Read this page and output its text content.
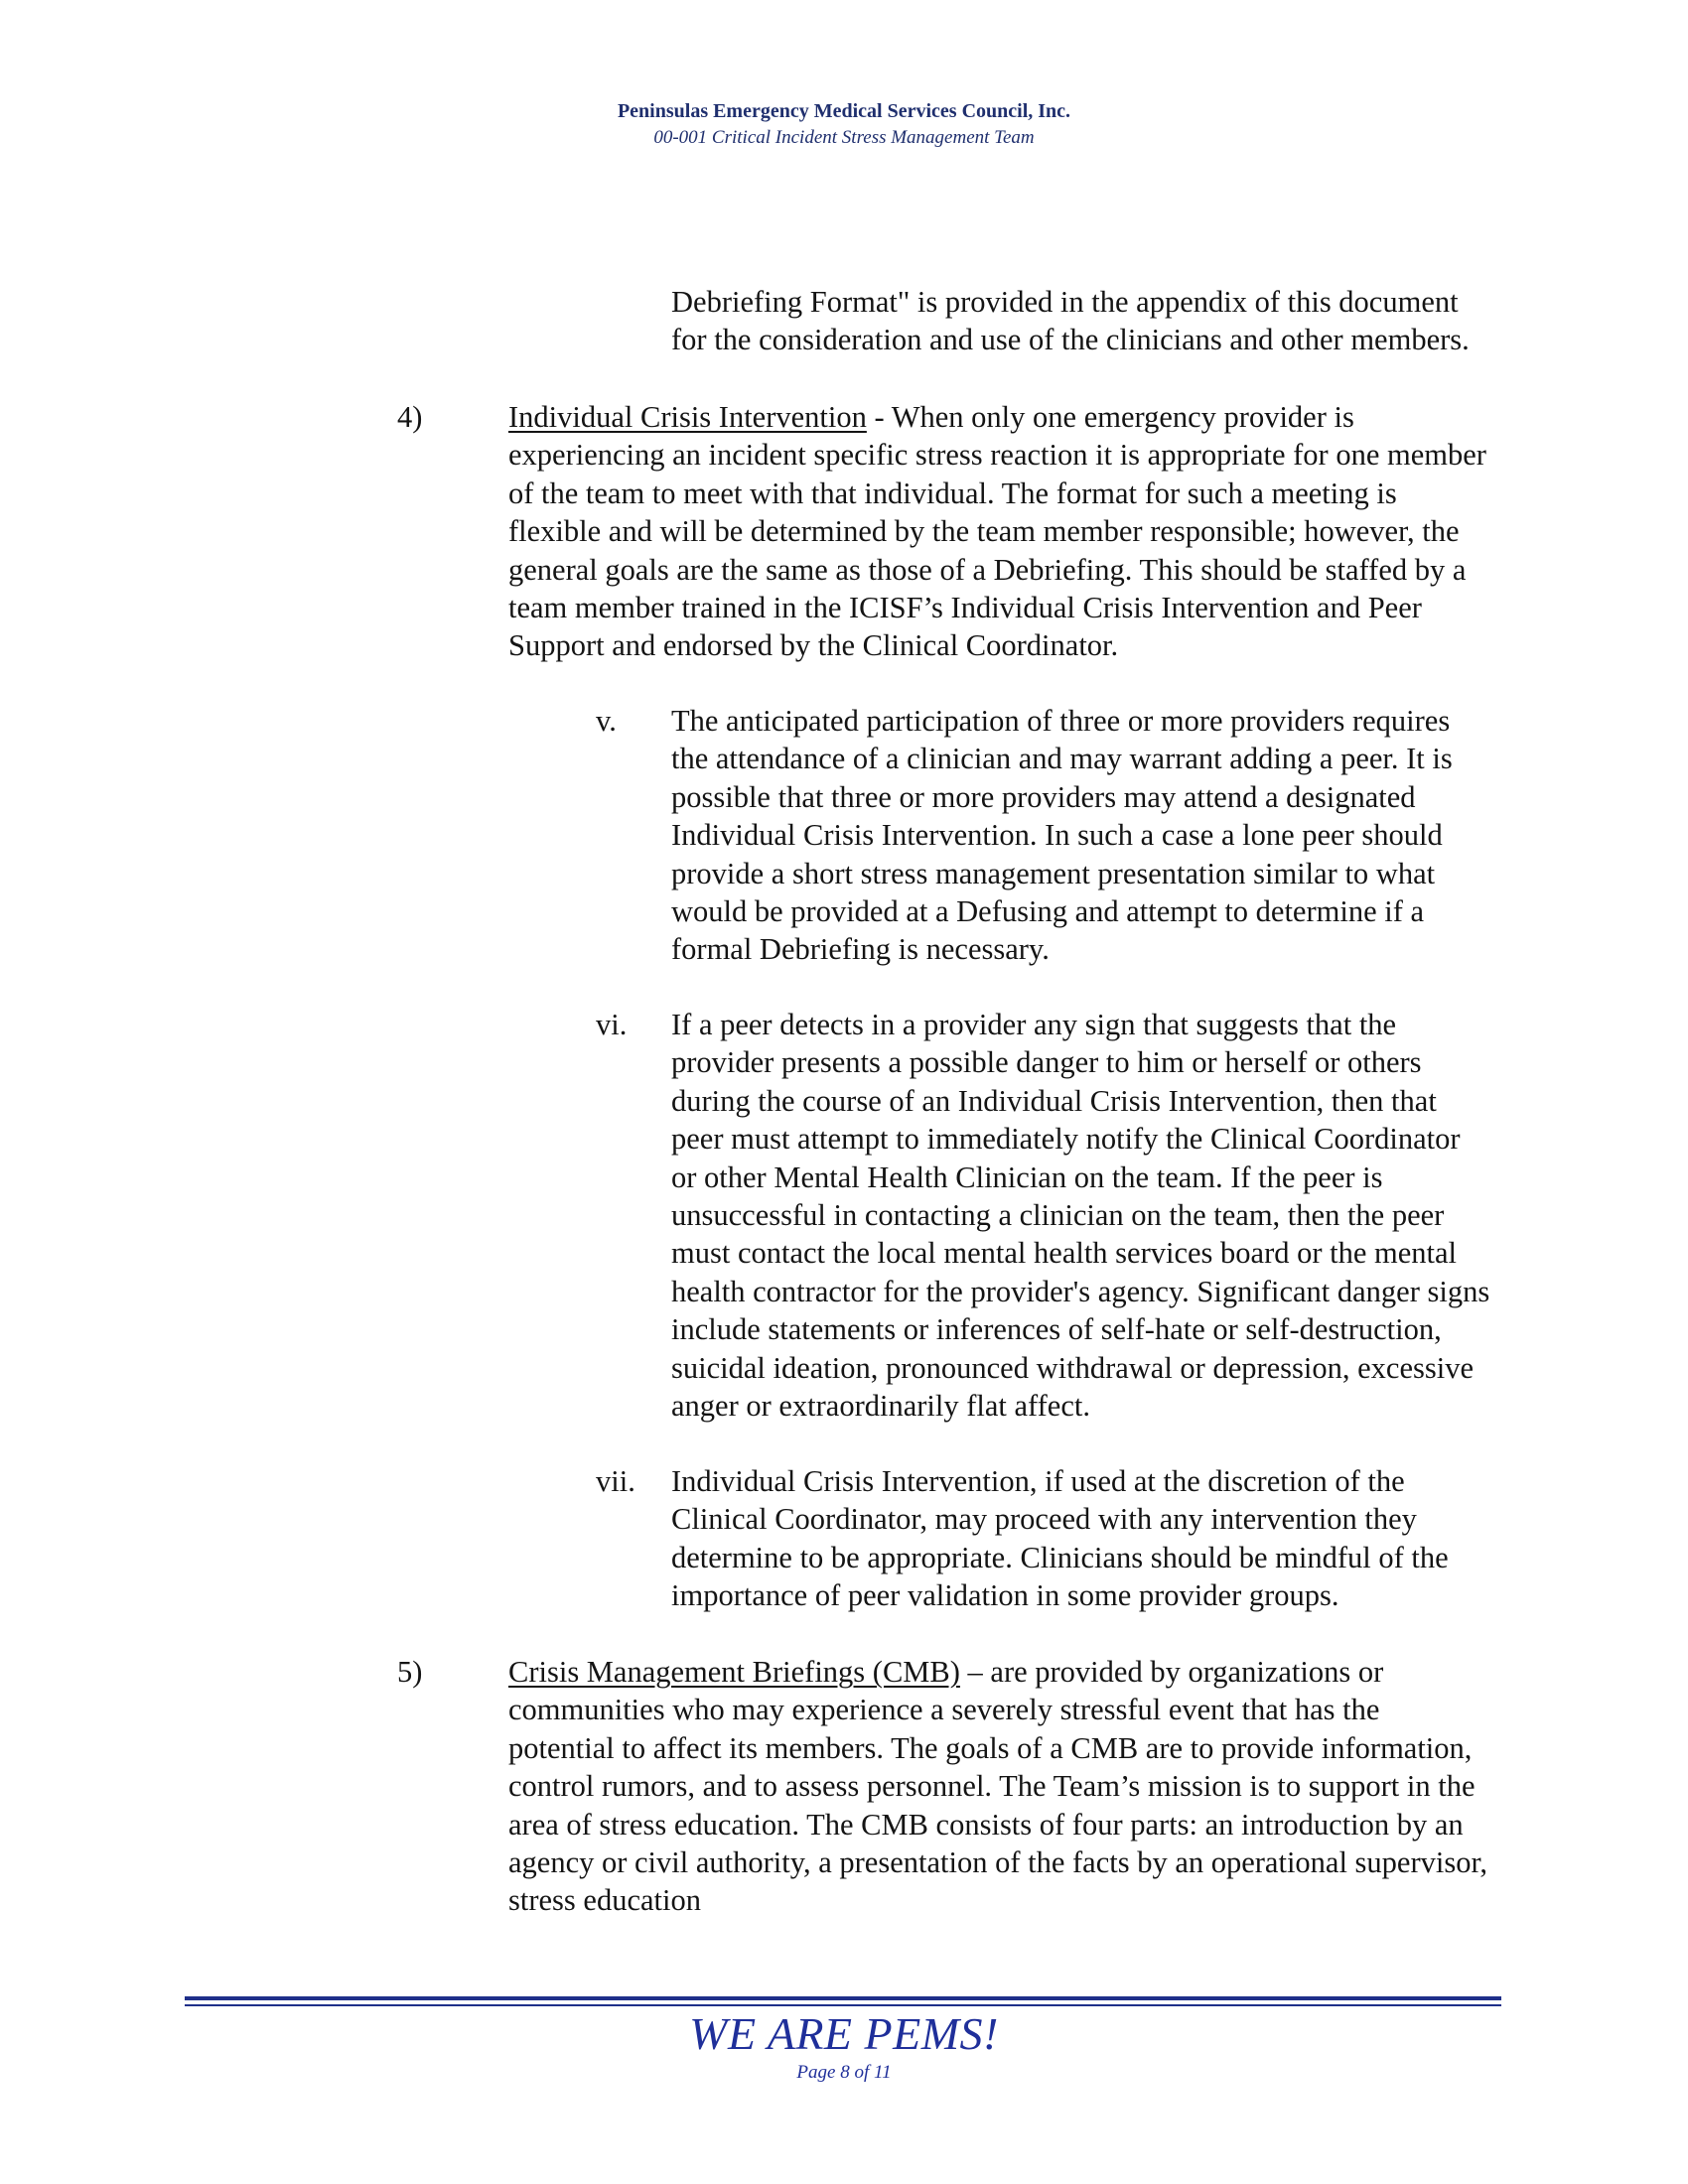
Peninsulas Emergency Medical Services Council, Inc.
00-001 Critical Incident Stress Management Team

Debriefing Format" is provided in the appendix of this document for the consideration and use of the clinicians and other members.

4)	Individual Crisis Intervention - When only one emergency provider is experiencing an incident specific stress reaction it is appropriate for one member of the team to meet with that individual. The format for such a meeting is flexible and will be determined by the team member responsible; however, the general goals are the same as those of a Debriefing. This should be staffed by a team member trained in the ICISF’s Individual Crisis Intervention and Peer Support and endorsed by the Clinical Coordinator.

v. The anticipated participation of three or more providers requires the attendance of a clinician and may warrant adding a peer. It is possible that three or more providers may attend a designated Individual Crisis Intervention. In such a case a lone peer should provide a short stress management presentation similar to what would be provided at a Defusing and attempt to determine if a formal Debriefing is necessary.

vi. If a peer detects in a provider any sign that suggests that the provider presents a possible danger to him or herself or others during the course of an Individual Crisis Intervention, then that peer must attempt to immediately notify the Clinical Coordinator or other Mental Health Clinician on the team. If the peer is unsuccessful in contacting a clinician on the team, then the peer must contact the local mental health services board or the mental health contractor for the provider's agency. Significant danger signs include statements or inferences of self-hate or self-destruction, suicidal ideation, pronounced withdrawal or depression, excessive anger or extraordinarily flat affect.

vii. Individual Crisis Intervention, if used at the discretion of the Clinical Coordinator, may proceed with any intervention they determine to be appropriate. Clinicians should be mindful of the importance of peer validation in some provider groups.

5)	Crisis Management Briefings (CMB) – are provided by organizations or communities who may experience a severely stressful event that has the potential to affect its members. The goals of a CMB are to provide information, control rumors, and to assess personnel. The Team’s mission is to support in the area of stress education. The CMB consists of four parts: an introduction by an agency or civil authority, a presentation of the facts by an operational supervisor, stress education

WE ARE PEMS!
Page 8 of 11
